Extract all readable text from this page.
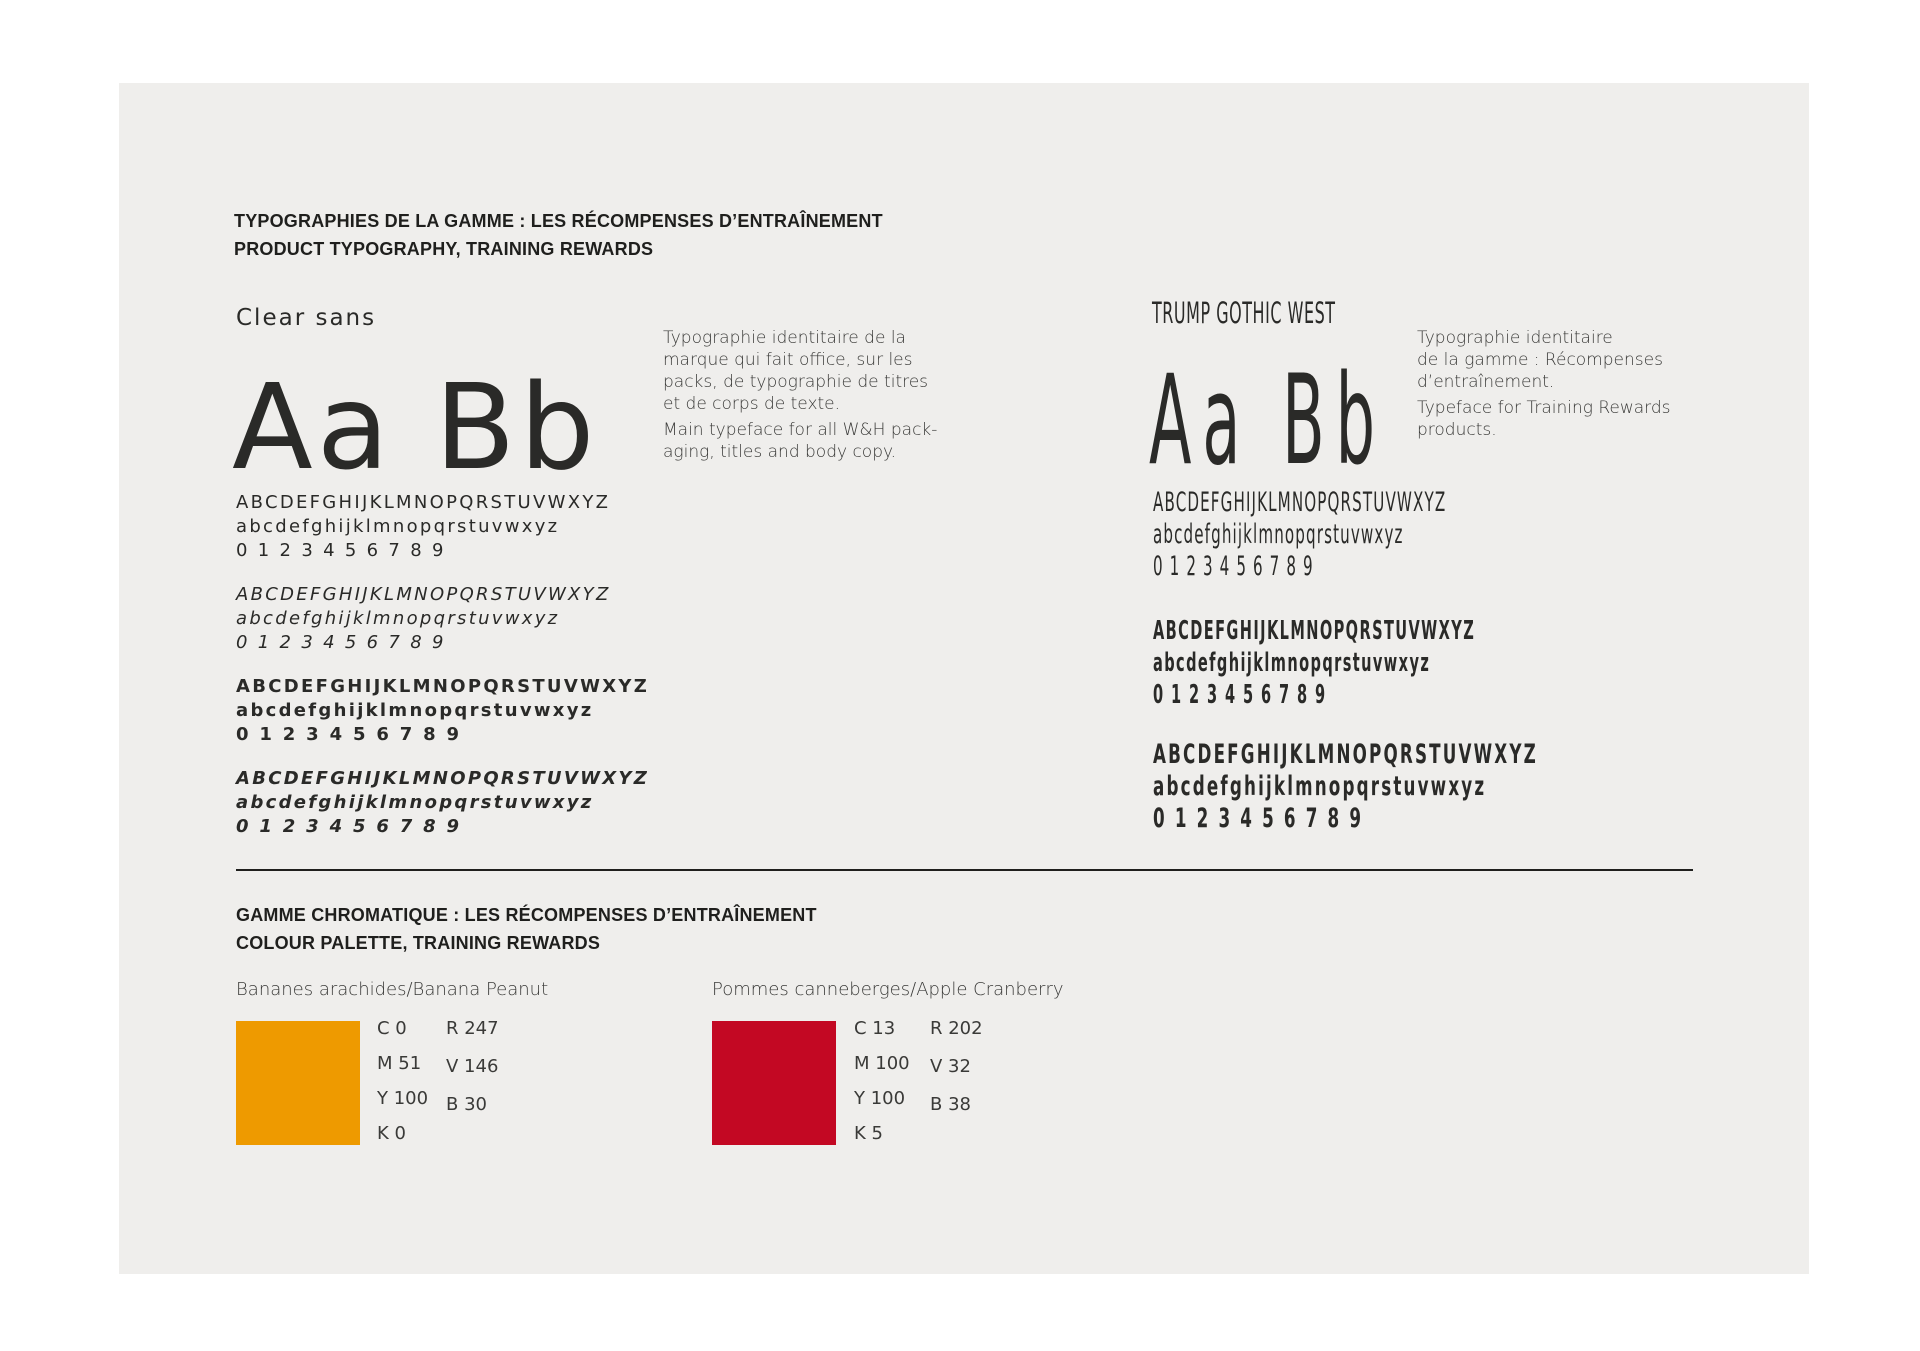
TYPOGRAPHIES DE LA GAMME : LES RÉCOMPENSES D’ENTRAÎNEMENT
PRODUCT TYPOGRAPHY, TRAINING REWARDS
Clear sans
Aa Bb
Typographie identitaire de la
marque qui fait office, sur les
packs, de typographie de titres
et de corps de texte.
Main typeface for all W&H pack-
aging, titles and body copy.
ABCDEFGHIJKLMNOPQRSTUVWXYZ
abcdefghijklmnopqrstuvwxyz
0 1 2 3 4 5 6 7 8 9
ABCDEFGHIJKLMNOPQRSTUVWXYZ
abcdefghijklmnopqrstuvwxyz
0 1 2 3 4 5 6 7 8 9
ABCDEFGHIJKLMNOPQRSTUVWXYZ
abcdefghijklmnopqrstuvwxyz
0 1 2 3 4 5 6 7 8 9
ABCDEFGHIJKLMNOPQRSTUVWXYZ
abcdefghijklmnopqrstuvwxyz
0 1 2 3 4 5 6 7 8 9
TRUMP GOTHIC WEST
Aa Bb
Typographie identitaire
de la gamme : Récompenses
d’entraînement.
Typeface for Training Rewards
products.
ABCDEFGHIJKLMNOPQRSTUVWXYZ
abcdefghijklmnopqrstuvwxyz
0 1 2 3 4 5 6 7 8 9
ABCDEFGHIJKLMNOPQRSTUVWXYZ
abcdefghijklmnopqrstuvwxyz
0 1 2 3 4 5 6 7 8 9
ABCDEFGHIJKLMNOPQRSTUVWXYZ
abcdefghijklmnopqrstuvwxyz
0 1 2 3 4 5 6 7 8 9
GAMME CHROMATIQUE : LES RÉCOMPENSES D’ENTRAÎNEMENT
COLOUR PALETTE, TRAINING REWARDS
Bananes arachides/Banana Peanut
C 0
M 51
Y 100
K 0
R 247
V 146
B 30
Pommes canneberges/Apple Cranberry
C 13
M 100
Y 100
K 5
R 202
V 32
B 38
